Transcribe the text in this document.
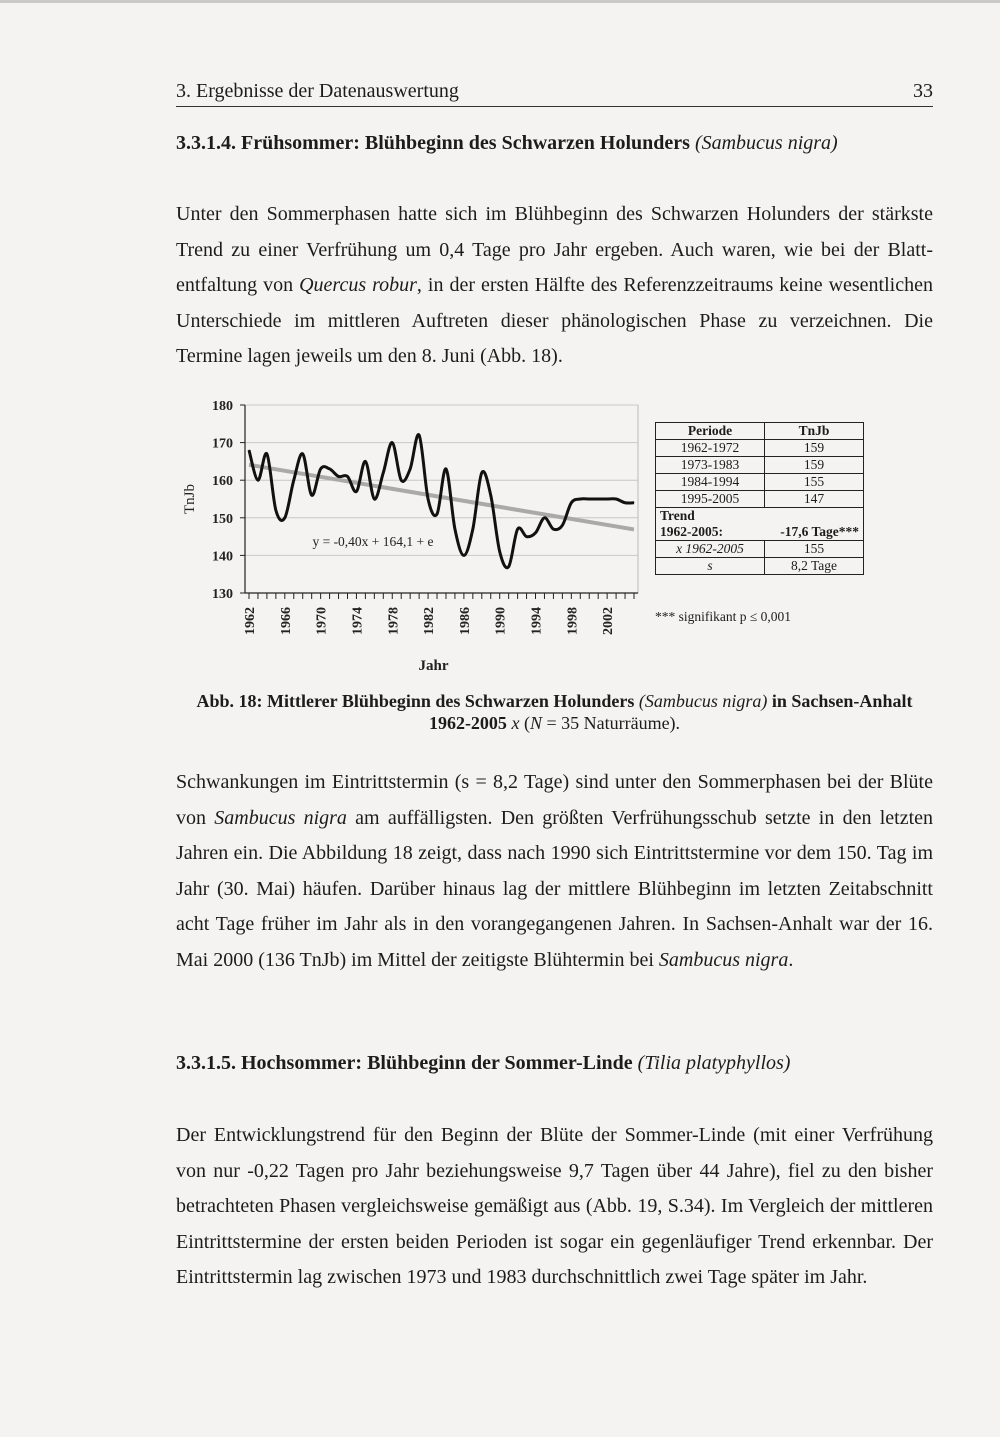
3. Ergebnisse der Datenauswertung	33
3.3.1.4. Frühsommer: Blühbeginn des Schwarzen Holunders (Sambucus nigra)

Unter den Sommerphasen hatte sich im Blühbeginn des Schwarzen Holunders der stärkste Trend zu einer Verfrühung um 0,4 Tage pro Jahr ergeben. Auch waren, wie bei der Blattentfaltung von Quercus robur, in der ersten Hälfte des Referenzzeitraums keine wesentlichen Unterschiede im mittleren Auftreten dieser phänologischen Phase zu verzeichnen. Die Termine lagen jeweils um den 8. Juni (Abb. 18).

130
140
150
160
170
180
1962 1966 1970 1974 1978 1982 1986 1990 1994 1998 2002
TnJb
Jahr
y = -0,40x + 164,1 + e
Periode	TnJb
1962-1972	159
1973-1983	159
1984-1994	155
1995-2005	147

Trend
1962-2005: -17,6 Tage***	

x 1962-2005	155
s	8,2 Tage
*** signifikant p ≤ 0,001
Abb. 18: Mittlerer Blühbeginn des Schwarzen Holunders (Sambucus nigra) in Sachsen-Anhalt
1962-2005 x (N = 35 Naturräume).

Schwankungen im Eintrittstermin (s = 8,2 Tage) sind unter den Sommerphasen bei der Blüte von Sambucus nigra am auffälligsten. Den größten Verfrühungsschub setzte in den letzten Jahren ein. Die Abbildung 18 zeigt, dass nach 1990 sich Eintrittstermine vor dem 150. Tag im Jahr (30. Mai) häufen. Darüber hinaus lag der mittlere Blühbeginn im letzten Zeitabschnitt acht Tage früher im Jahr als in den vorangegangenen Jahren. In Sachsen-Anhalt war der 16. Mai 2000 (136 TnJb) im Mittel der zeitigste Blühtermin bei Sambucus nigra.

3.3.1.5. Hochsommer: Blühbeginn der Sommer-Linde (Tilia platyphyllos)

Der Entwicklungstrend für den Beginn der Blüte der Sommer-Linde (mit einer Verfrühung von nur -0,22 Tagen pro Jahr beziehungsweise 9,7 Tagen über 44 Jahre), fiel zu den bisher betrachteten Phasen vergleichsweise gemäßigt aus (Abb. 19, S.34). Im Vergleich der mittleren Eintrittstermine der ersten beiden Perioden ist sogar ein gegenläufiger Trend erkennbar. Der Eintrittstermin lag zwischen 1973 und 1983 durchschnittlich zwei Tage später im Jahr.
